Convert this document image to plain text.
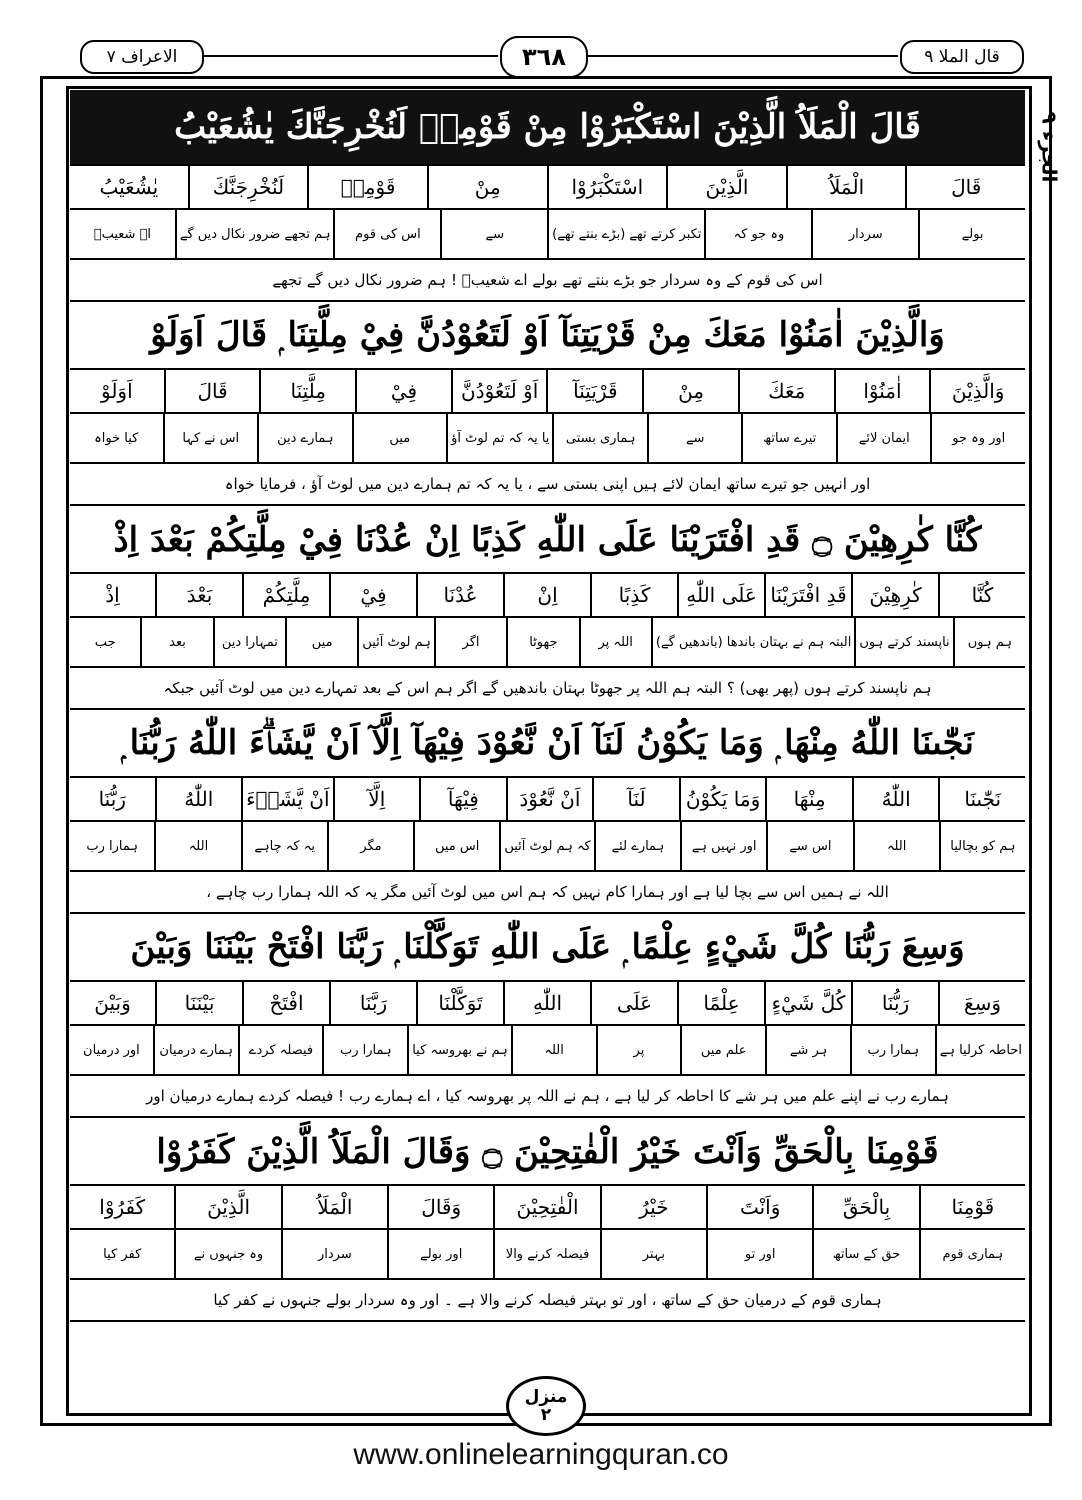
الاعراف ۷	٣٦٨	قال الملا ۹
الجزء ۹
قَالَ الْمَلَاُ الَّذِيْنَ اسْتَكْبَرُوْا مِنْ قَوْمِهٖ لَنُخْرِجَنَّكَ يٰشُعَيْبُ
قَالَ
الْمَلَاُ
الَّذِيْنَ
اسْتَكْبَرُوْا
مِنْ
قَوْمِهٖ
لَنُخْرِجَنَّكَ
يٰشُعَيْبُ
بولے
سردار
وہ جو کہ
تکبر کرتے تھے (بڑے بنتے تھے)
سے
اس کی قوم
ہم تجھے ضرور نکال دیں گے
اے شعیبؑ
اس کی قوم کے وہ سردار جو بڑے بنتے تھے بولے اے شعیبؑ ! ہم ضرور نکال دیں گے تجھے
وَالَّذِيْنَ اٰمَنُوْا مَعَكَ مِنْ قَرْيَتِنَآ اَوْ لَتَعُوْدُنَّ فِيْ مِلَّتِنَا ۭ قَالَ اَوَلَوْ
وَالَّذِيْنَ
اٰمَنُوْا
مَعَكَ
مِنْ
قَرْيَتِنَآ
اَوْ لَتَعُوْدُنَّ
فِيْ
مِلَّتِنَا
قَالَ
اَوَلَوْ
اور وہ جو
ایمان لائے
تیرے ساتھ
سے
ہماری بستی
یا یہ کہ تم لوٹ آؤ
میں
ہمارے دین
اس نے کہا
کیا خواہ
اور انہیں جو تیرے ساتھ ایمان لائے ہیں اپنی بستی سے ، یا یہ کہ تم ہمارے دین میں لوٹ آؤ ، فرمایا خواہ
كُنَّا كٰرِهِيْنَ ۝ قَدِ افْتَرَيْنَا عَلَى اللّٰهِ كَذِبًا اِنْ عُدْنَا فِيْ مِلَّتِكُمْ بَعْدَ اِذْ
كُنَّا
كٰرِهِيْنَ
قَدِ افْتَرَيْنَا
عَلَى اللّٰهِ
كَذِبًا
اِنْ
عُدْنَا
فِيْ
مِلَّتِكُمْ
بَعْدَ
اِذْ
ہم ہوں
ناپسند کرتے ہوں
البتہ ہم نے بہتان باندھا (باندھیں گے)
اللہ پر
جھوٹا
اگر
ہم لوٹ آئیں
میں
تمہارا دین
بعد
جب
ہم ناپسند کرتے ہوں (پھر بھی) ؟ البتہ ہم اللہ پر جھوٹا بہتان باندھیں گے اگر ہم اس کے بعد تمہارے دین میں لوٹ آئیں جبکہ
نَجّٰىنَا اللّٰهُ مِنْهَا ۭ وَمَا يَكُوْنُ لَنَآ اَنْ نَّعُوْدَ فِيْهَآ اِلَّآ اَنْ يَّشَاۗءَ اللّٰهُ رَبُّنَا ۭ
نَجّٰىنَا
اللّٰهُ
مِنْهَا
وَمَا يَكُوْنُ
لَنَآ
اَنْ نَّعُوْدَ
فِيْهَآ
اِلَّآ
اَنْ يَّشَاۗءَ
اللّٰهُ
رَبُّنَا
ہم کو بچالیا
اللہ
اس سے
اور نہیں ہے
ہمارے لئے
کہ ہم لوٹ آئیں
اس میں
مگر
یہ کہ چاہے
اللہ
ہمارا رب
اللہ نے ہمیں اس سے بچا لیا ہے اور ہمارا کام نہیں کہ ہم اس میں لوٹ آئیں مگر یہ کہ اللہ ہمارا رب چاہے ،
وَسِعَ رَبُّنَا كُلَّ شَيْءٍ عِلْمًا ۭ عَلَى اللّٰهِ تَوَكَّلْنَا ۭ رَبَّنَا افْتَحْ بَيْنَنَا وَبَيْنَ
وَسِعَ
رَبُّنَا
كُلَّ شَيْءٍ
عِلْمًا
عَلَى
اللّٰهِ
تَوَكَّلْنَا
رَبَّنَا
افْتَحْ
بَيْنَنَا
وَبَيْنَ
احاطہ کرلیا ہے
ہمارا رب
ہر شے
علم میں
پر
اللہ
ہم نے بھروسہ کیا
ہمارا رب
فیصلہ کردے
ہمارے درمیان
اور درمیان
ہمارے رب نے اپنے علم میں ہر شے کا احاطہ کر لیا ہے ، ہم نے اللہ پر بھروسہ کیا ، اے ہمارے رب ! فیصلہ کردے ہمارے درمیان اور
قَوْمِنَا بِالْحَقِّ وَاَنْتَ خَيْرُ الْفٰتِحِيْنَ ۝ وَقَالَ الْمَلَاُ الَّذِيْنَ كَفَرُوْا
قَوْمِنَا
بِالْحَقِّ
وَاَنْتَ
خَيْرُ
الْفٰتِحِيْنَ
وَقَالَ
الْمَلَاُ
الَّذِيْنَ
كَفَرُوْا
ہماری قوم
حق کے ساتھ
اور تو
بہتر
فیصلہ کرنے والا
اور بولے
سردار
وہ جنہوں نے
کفر کیا
ہماری قوم کے درمیان حق کے ساتھ ، اور تو بہتر فیصلہ کرنے والا ہے ۔ اور وہ سردار بولے جنہوں نے کفر کیا
منزل
۲
www.onlinelearningquran.co
